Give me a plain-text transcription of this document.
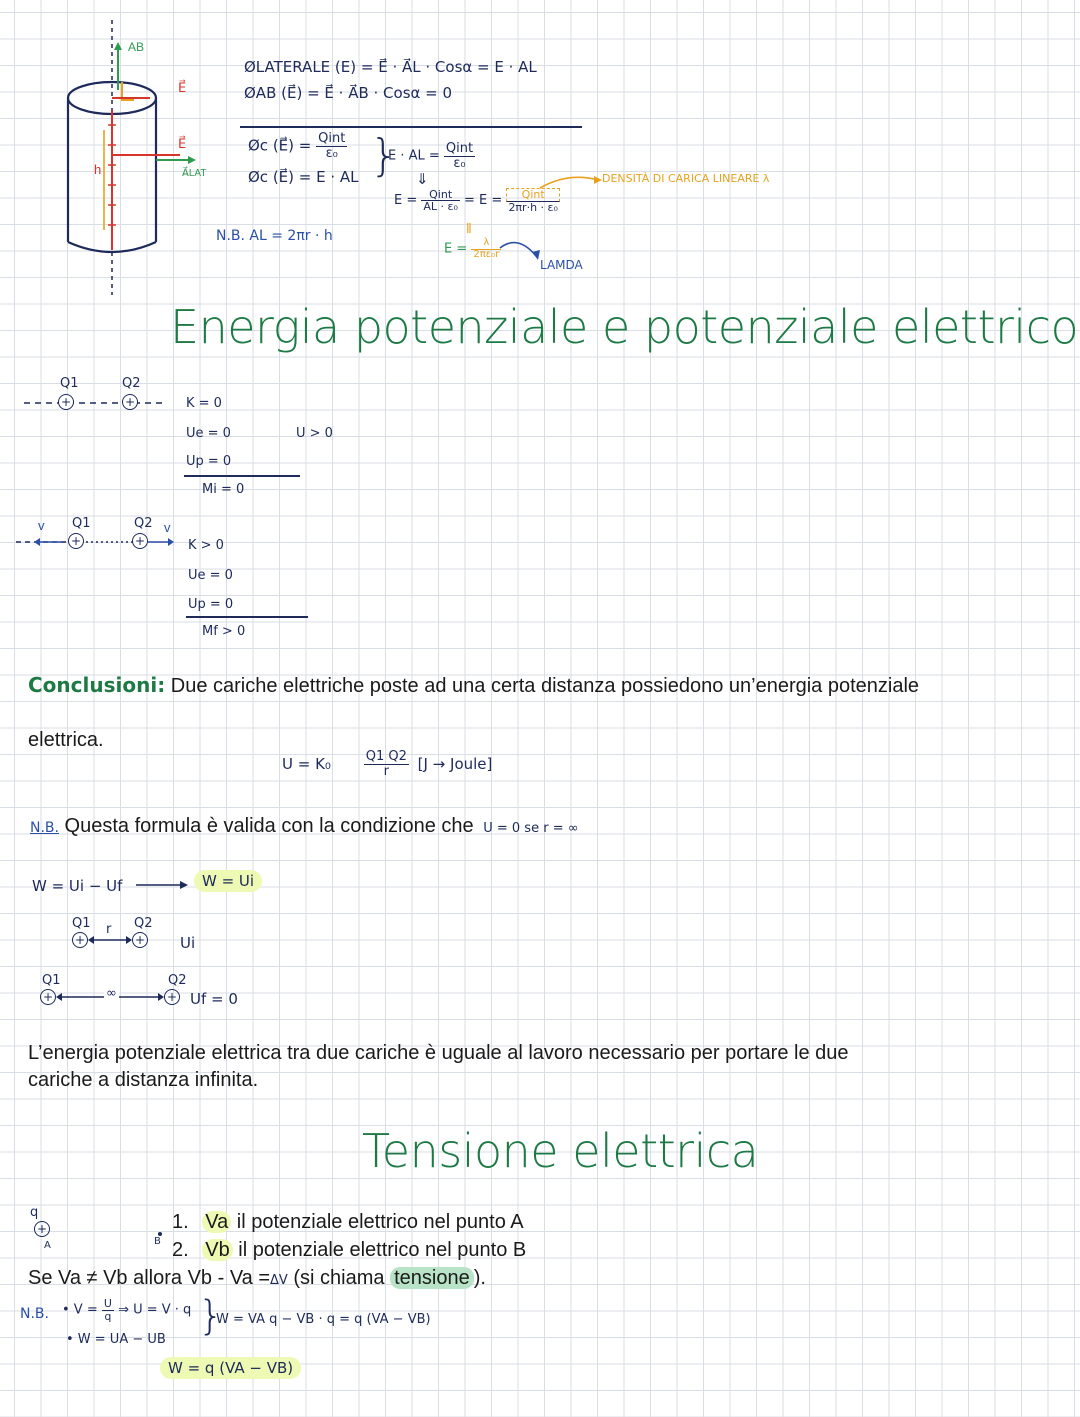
AB
h
E⃗
E⃗
A⃗LAT
ØLATERALE (E) = E⃗ · A⃗L · Cosα = E · AL
ØAB (E⃗) = E⃗ · A⃗B · Cosα = 0
Øc (E⃗) = $\frac{\text{Qint}}{\text{ε₀}}$
Øc (E⃗) = E · AL }
E · AL = $\frac{\text{Qint}}{\text{ε₀}}$
⇓
$E = \frac{\text{Qint}}{\text{AL · ε₀}} = E = \frac{\text{Qint}}{\text{2πr·h · ε₀}}$
DENSITÀ DI CARICA LINEARE λ
‖
$E = \frac{\lambda}{\text{2πε₀r}}$
LAMDA
N.B. AL = 2πr · h
Energia potenziale e potenziale elettrico
+	+
Q1	Q2
K = 0
Ue = 0
Up = 0
Mi = 0
U > 0
+	+
Q1	Q2
v	v
K > 0
Ue = 0
Up = 0
Mf > 0
Conclusioni: Due cariche elettriche poste ad una certa distanza possiedono un’energia potenziale
elettrica.
U = K₀	$\frac{Q1 Q2}{r} [J$ → Joule]
N.B. Questa formula è valida con la condizione che U = 0 se r = ∞
W = Ui − Uf	W = Ui
+	+
Q1	Q2
r
Ui
+	+
Q1	Q2
∞	Uf = 0
L’energia potenziale elettrica tra due cariche è uguale al lavoro necessario per portare le due
cariche a distanza infinita.
Tensione elettrica
q
+
A	B
1. Va il potenziale elettrico nel punto A
2. Vb il potenziale elettrico nel punto B
Se Va ≠ Vb allora Vb - Va =ΔV (si chiama tensione ).
N.B. • $V = \frac{U}{q}$ ⇒ U = V · q
• W = UA − UB
}
W = VA q − VB · q = q (VA − VB)
W = q (VA − VB)
